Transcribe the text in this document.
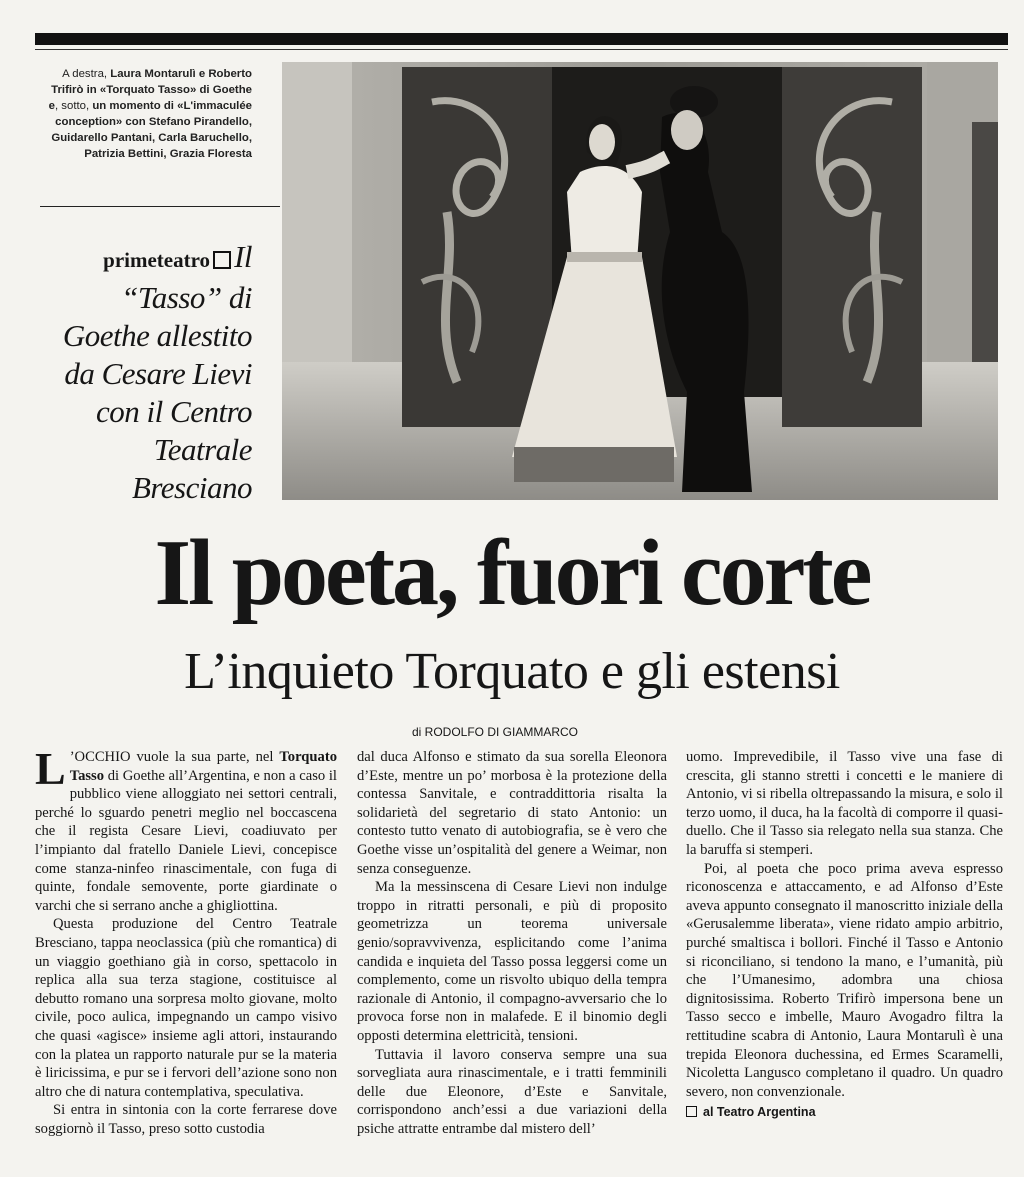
A destra, Laura Montarulì e Roberto Trifirò in «Torquato Tasso» di Goethe e, sotto, un momento di «L'immaculée conception» con Stefano Pirandello, Guidarello Pantani, Carla Baruchello, Patrizia Bettini, Grazia Floresta
primeteatro Il “Tasso” di Goethe allestito da Cesare Lievi con il Centro Teatrale Bresciano
Il poeta, fuori corte
L’inquieto Torquato e gli estensi
di RODOLFO DI GIAMMARCO

L ’OCCHIO vuole la sua parte, nel Torquato Tasso di Goethe all’Argentina, e non a caso il pubblico viene alloggiato nei settori centrali, perché lo sguardo penetri meglio nel boccascena che il regista Cesare Lievi, coadiuvato per l’impianto dal fratello Daniele Lievi, concepisce come stanza-ninfeo rinascimentale, con fuga di quinte, fondale semovente, porte giardinate o varchi che si serrano anche a ghigliottina.

Questa produzione del Centro Teatrale Bresciano, tappa neoclassica (più che romantica) di un viaggio goethiano già in corso, spettacolo in replica alla sua terza stagione, costituisce al debutto romano una sorpresa molto giovane, molto civile, poco aulica, impegnando un campo visivo che quasi «agisce» insieme agli attori, instaurando con la platea un rapporto naturale pur se la materia è liricissima, e pur se i fervori dell’azione sono non altro che di natura contemplativa, speculativa.

Si entra in sintonia con la corte ferrarese dove soggiornò il Tasso, preso sotto custodia

dal duca Alfonso e stimato da sua sorella Eleonora d’Este, mentre un po’ morbosa è la protezione della contessa Sanvitale, e contraddittoria risalta la solidarietà del segretario di stato Antonio: un contesto tutto venato di autobiografia, se è vero che Goethe visse un’ospitalità del genere a Weimar, non senza conseguenze.

Ma la messinscena di Cesare Lievi non indulge troppo in ritratti personali, e più di proposito geometrizza un teorema universale genio/sopravvivenza, esplicitando come l’anima candida e inquieta del Tasso possa leggersi come un complemento, come un risvolto ubiquo della tempra razionale di Antonio, il compagno-avversario che lo provoca forse non in malafede. E il binomio degli opposti determina elettricità, tensioni.

Tuttavia il lavoro conserva sempre una sua sorvegliata aura rinascimentale, e i tratti femminili delle due Eleonore, d’Este e Sanvitale, corrispondono anch’essi a due variazioni della psiche attratte entrambe dal mistero dell’

uomo. Imprevedibile, il Tasso vive una fase di crescita, gli stanno stretti i concetti e le maniere di Antonio, vi si ribella oltrepassando la misura, e solo il terzo uomo, il duca, ha la facoltà di comporre il quasi-duello. Che il Tasso sia relegato nella sua stanza. Che la baruffa si stemperi.

Poi, al poeta che poco prima aveva espresso riconoscenza e attaccamento, e ad Alfonso d’Este aveva appunto consegnato il manoscritto iniziale della «Gerusalemme liberata», viene ridato ampio arbitrio, purché smaltisca i bollori. Finché il Tasso e Antonio si riconciliano, si tendono la mano, e l’umanità, più che l’Umanesimo, adombra una chiosa dignitosissima. Roberto Trifirò impersona bene un Tasso secco e imbelle, Mauro Avogadro filtra la rettitudine scabra di Antonio, Laura Montarulì è una trepida Eleonora duchessina, ed Ermes Scaramelli, Nicoletta Langusco completano il quadro. Un quadro severo, non convenzionale.

al Teatro Argentina
